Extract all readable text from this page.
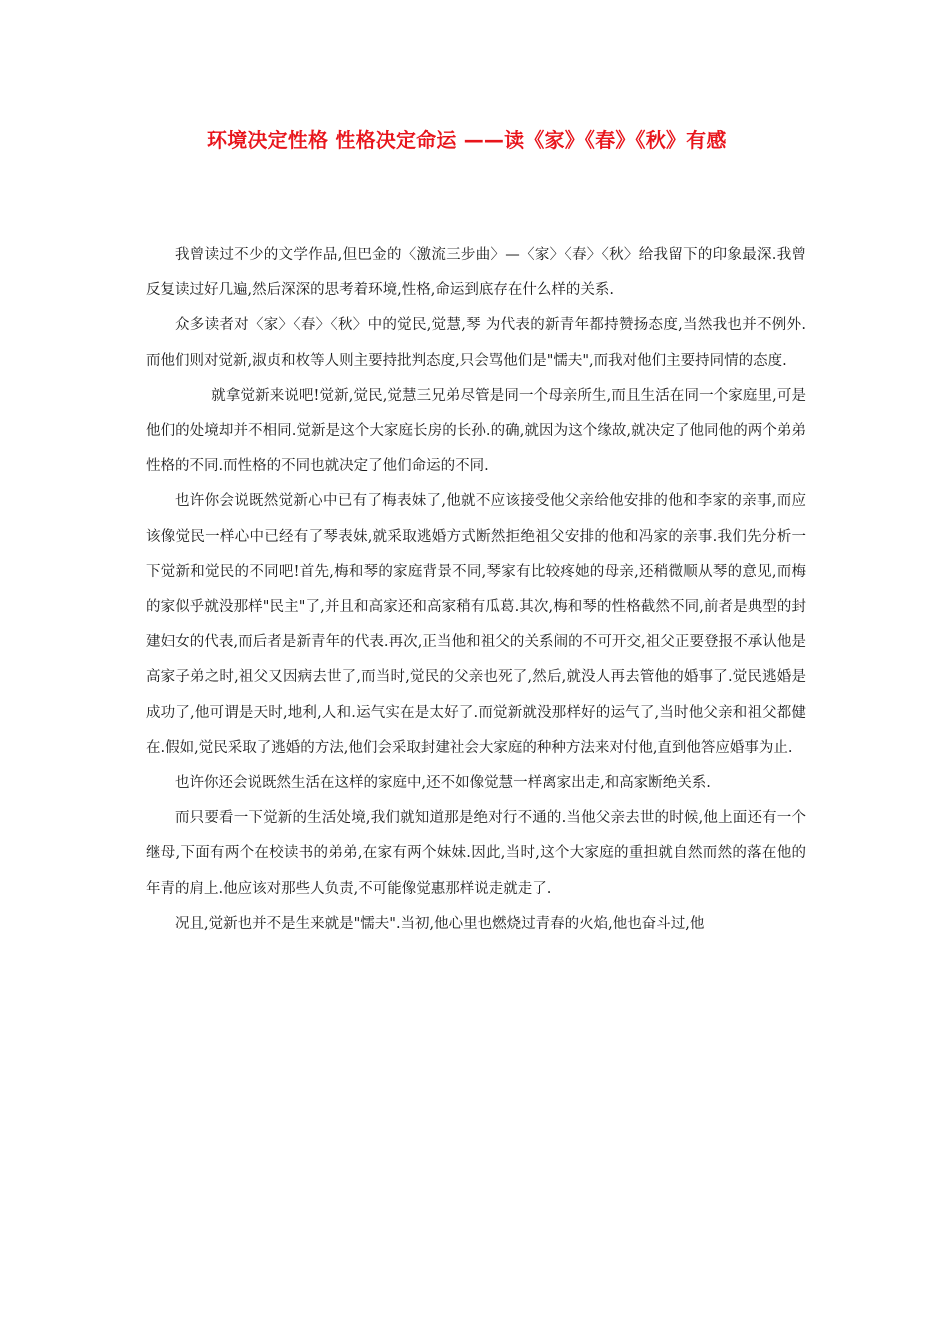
环境决定性格 性格决定命运 ——读《家》《春》《秋》有感

我曾读过不少的文学作品,但巴金的〈激流三步曲〉—〈家〉〈春〉〈秋〉给我留下的印象最深.我曾反复读过好几遍,然后深深的思考着环境,性格,命运到底存在什么样的关系.

众多读者对〈家〉〈春〉〈秋〉中的觉民,觉慧,琴 为代表的新青年都持赞扬态度,当然我也并不例外.而他们则对觉新,淑贞和枚等人则主要持批判态度,只会骂他们是"懦夫",而我对他们主要持同情的态度.

就拿觉新来说吧!觉新,觉民,觉慧三兄弟尽管是同一个母亲所生,而且生活在同一个家庭里,可是他们的处境却并不相同.觉新是这个大家庭长房的长孙.的确,就因为这个缘故,就决定了他同他的两个弟弟性格的不同.而性格的不同也就决定了他们命运的不同.

也许你会说既然觉新心中已有了梅表妹了,他就不应该接受他父亲给他安排的他和李家的亲事,而应该像觉民一样心中已经有了琴表妹,就采取逃婚方式断然拒绝祖父安排的他和冯家的亲事.我们先分析一下觉新和觉民的不同吧!首先,梅和琴的家庭背景不同,琴家有比较疼她的母亲,还稍微顺从琴的意见,而梅的家似乎就没那样"民主"了,并且和高家还和高家稍有瓜葛.其次,梅和琴的性格截然不同,前者是典型的封建妇女的代表,而后者是新青年的代表.再次,正当他和祖父的关系闹的不可开交,祖父正要登报不承认他是高家子弟之时,祖父又因病去世了,而当时,觉民的父亲也死了,然后,就没人再去管他的婚事了.觉民逃婚是成功了,他可谓是天时,地利,人和.运气实在是太好了.而觉新就没那样好的运气了,当时他父亲和祖父都健在.假如,觉民采取了逃婚的方法,他们会采取封建社会大家庭的种种方法来对付他,直到他答应婚事为止.

也许你还会说既然生活在这样的家庭中,还不如像觉慧一样离家出走,和高家断绝关系.

而只要看一下觉新的生活处境,我们就知道那是绝对行不通的.当他父亲去世的时候,他上面还有一个继母,下面有两个在校读书的弟弟,在家有两个妹妹.因此,当时,这个大家庭的重担就自然而然的落在他的年青的肩上.他应该对那些人负责,不可能像觉惠那样说走就走了.

况且,觉新也并不是生来就是"懦夫".当初,他心里也燃烧过青春的火焰,他也奋斗过,他
